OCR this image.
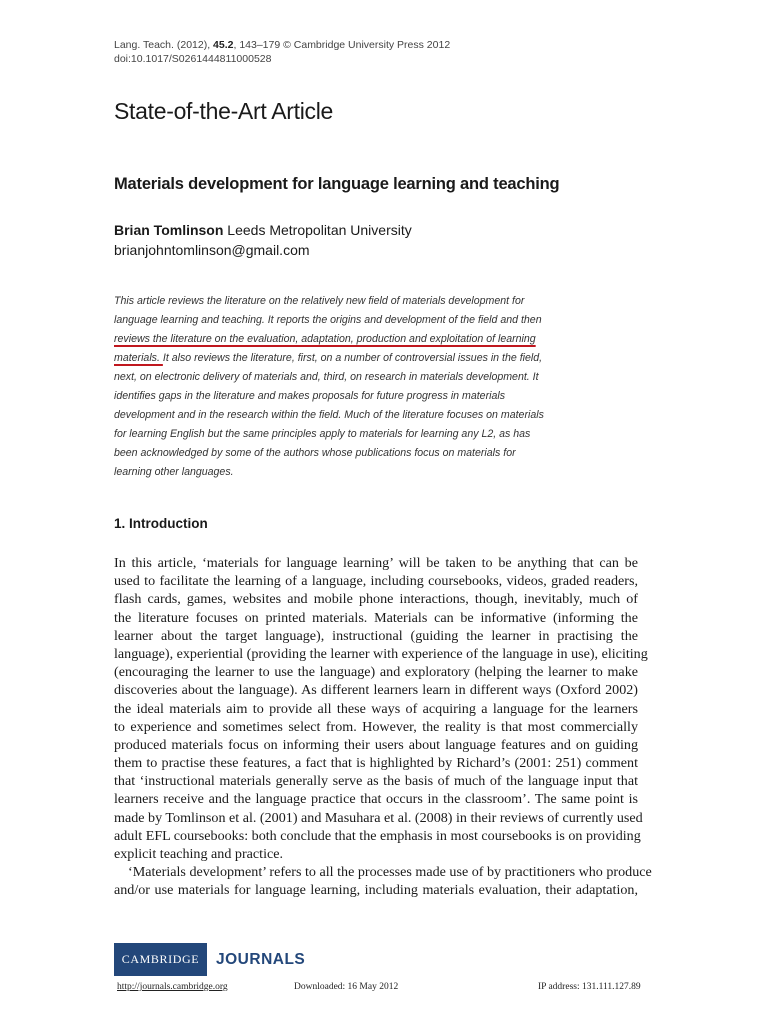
Lang. Teach. (2012), 45.2, 143–179 © Cambridge University Press 2012
doi:10.1017/S0261444811000528
State-of-the-Art Article
Materials development for language learning and teaching
Brian Tomlinson Leeds Metropolitan University
brianjohntomlinson@gmail.com
This article reviews the literature on the relatively new field of materials development for
language learning and teaching. It reports the origins and development of the field and then
reviews the literature on the evaluation, adaptation, production and exploitation of learning
materials. It also reviews the literature, first, on a number of controversial issues in the field,
next, on electronic delivery of materials and, third, on research in materials development. It
identifies gaps in the literature and makes proposals for future progress in materials
development and in the research within the field. Much of the literature focuses on materials
for learning English but the same principles apply to materials for learning any L2, as has
been acknowledged by some of the authors whose publications focus on materials for
learning other languages.
1. Introduction
In this article, ‘materials for language learning’ will be taken to be anything that can be
used to facilitate the learning of a language, including coursebooks, videos, graded readers,
flash cards, games, websites and mobile phone interactions, though, inevitably, much of
the literature focuses on printed materials. Materials can be informative (informing the
learner about the target language), instructional (guiding the learner in practising the
language), experiential (providing the learner with experience of the language in use), eliciting
(encouraging the learner to use the language) and exploratory (helping the learner to make
discoveries about the language). As different learners learn in different ways (Oxford 2002)
the ideal materials aim to provide all these ways of acquiring a language for the learners
to experience and sometimes select from. However, the reality is that most commercially
produced materials focus on informing their users about language features and on guiding
them to practise these features, a fact that is highlighted by Richard’s (2001: 251) comment
that ‘instructional materials generally serve as the basis of much of the language input that
learners receive and the language practice that occurs in the classroom’. The same point is
made by Tomlinson et al. (2001) and Masuhara et al. (2008) in their reviews of currently used
adult EFL coursebooks: both conclude that the emphasis in most coursebooks is on providing
explicit teaching and practice.
‘Materials development’ refers to all the processes made use of by practitioners who produce
and/or use materials for language learning, including materials evaluation, their adaptation,
CAMBRIDGE	JOURNALS
http://journals.cambridge.org	Downloaded: 16 May 2012	IP address: 131.111.127.89
